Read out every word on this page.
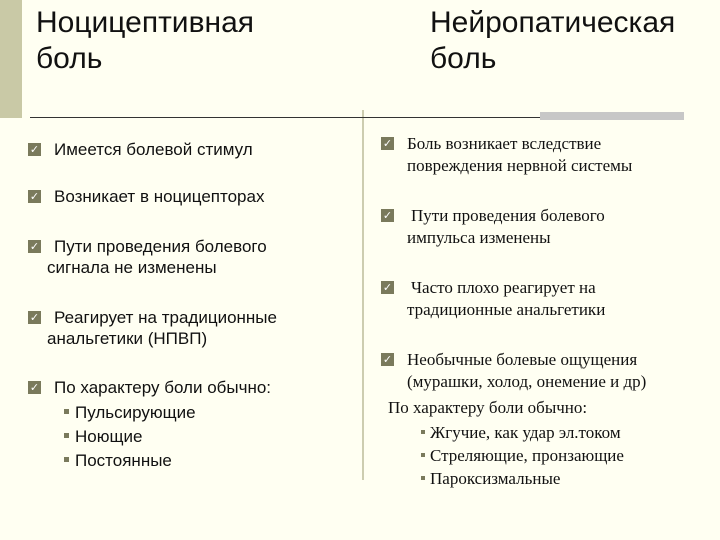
Ноцицептивная
боль
Нейропатическая
боль
✓ Имеется болевой стимул
✓ Возникает в ноцицепторах
✓ Пути проведения болевого
сигнала не изменены
✓ Реагирует на традиционные
анальгетики (НПВП)
✓ По характеру боли обычно:
Пульсирующие
Ноющие
Постоянные
✓ Боль возникает вследствие
повреждения нервной системы
✓ Пути проведения болевого
импульса изменены
✓ Часто плохо реагирует на
традиционные анальгетики
✓ Необычные болевые ощущения
(мурашки, холод, онемение и др)
По характеру боли обычно:
Жгучие, как удар эл.током
Стреляющие, пронзающие
Пароксизмальные
